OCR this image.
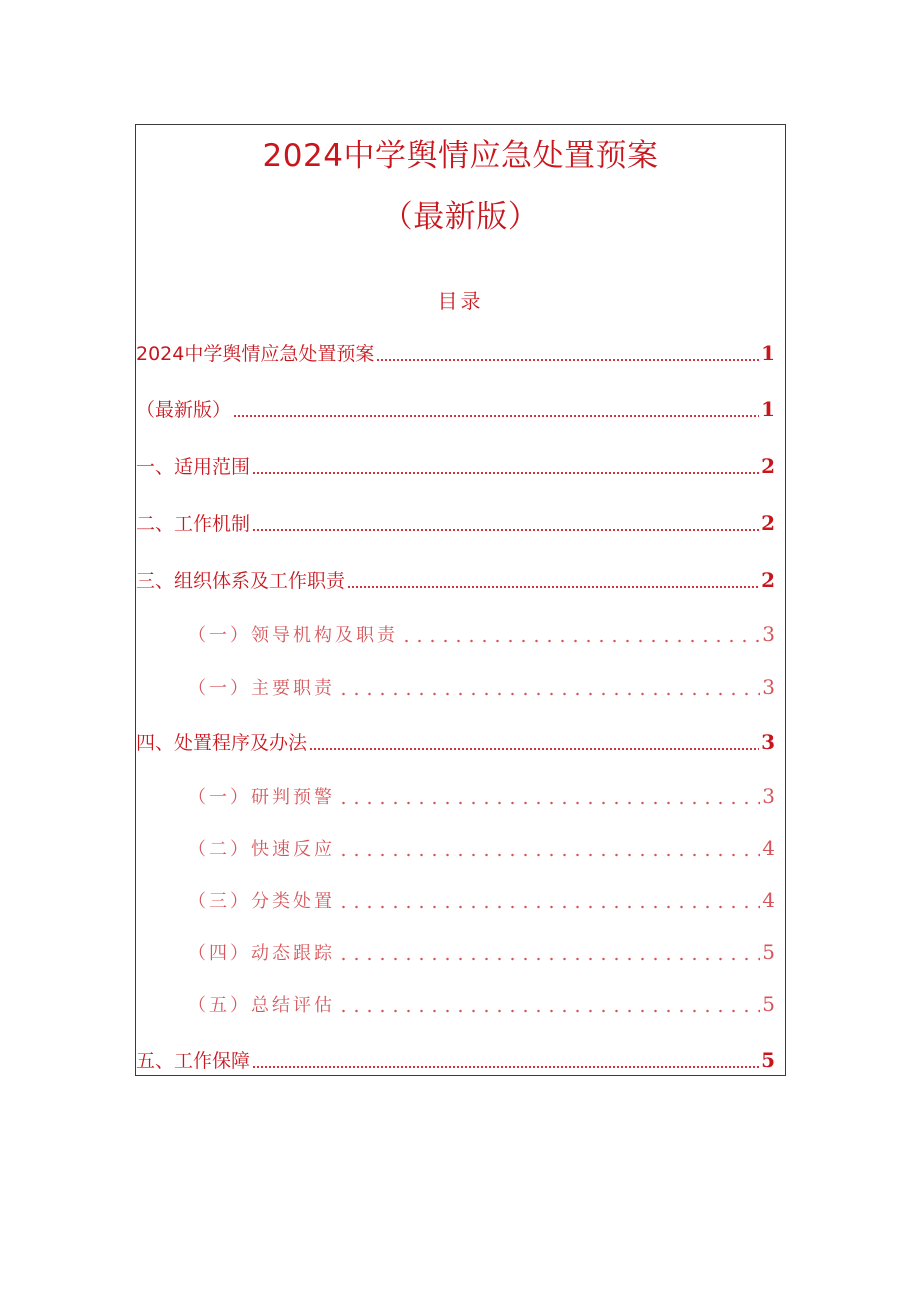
2024中学舆情应急处置预案
（最新版）
目录
2024中学舆情应急处置预案	1
（最新版）	1
一、适用范围	2
二、工作机制	2
三、组织体系及工作职责	2
（一）领导机构及职责	3
（一）主要职责	3
四、处置程序及办法	3
（一）研判预警	3
（二）快速反应	4
（三）分类处置	4
（四）动态跟踪	5
（五）总结评估	5
五、工作保障	5
